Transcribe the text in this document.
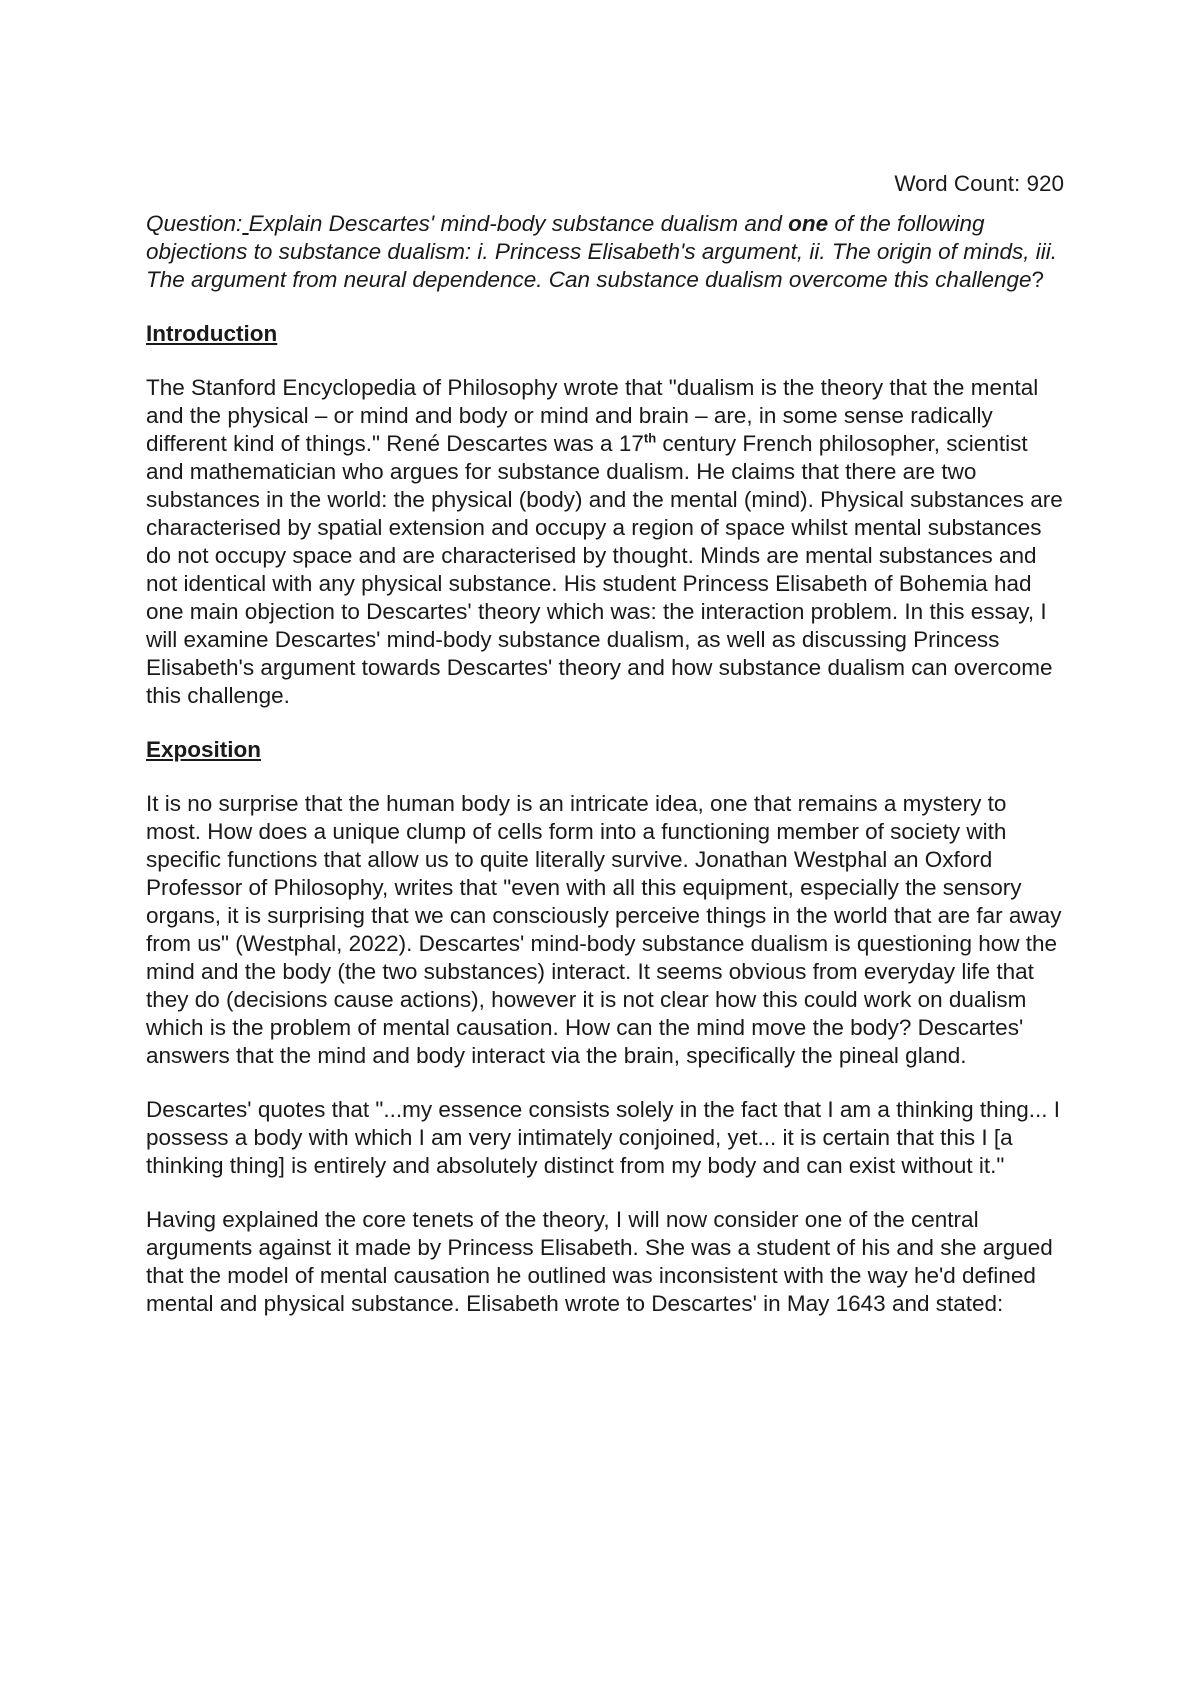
Word Count: 920

Question: Explain Descartes' mind-body substance dualism and one of the following objections to substance dualism: i. Princess Elisabeth's argument, ii. The origin of minds, iii. The argument from neural dependence. Can substance dualism overcome this challenge?

Introduction

The Stanford Encyclopedia of Philosophy wrote that "dualism is the theory that the mental and the physical – or mind and body or mind and brain – are, in some sense radically different kind of things." René Descartes was a 17th century French philosopher, scientist and mathematician who argues for substance dualism. He claims that there are two substances in the world: the physical (body) and the mental (mind). Physical substances are characterised by spatial extension and occupy a region of space whilst mental substances do not occupy space and are characterised by thought. Minds are mental substances and not identical with any physical substance. His student Princess Elisabeth of Bohemia had one main objection to Descartes' theory which was: the interaction problem. In this essay, I will examine Descartes' mind-body substance dualism, as well as discussing Princess Elisabeth's argument towards Descartes' theory and how substance dualism can overcome this challenge.

Exposition

It is no surprise that the human body is an intricate idea, one that remains a mystery to most. How does a unique clump of cells form into a functioning member of society with specific functions that allow us to quite literally survive. Jonathan Westphal an Oxford Professor of Philosophy, writes that "even with all this equipment, especially the sensory organs, it is surprising that we can consciously perceive things in the world that are far away from us" (Westphal, 2022). Descartes' mind-body substance dualism is questioning how the mind and the body (the two substances) interact. It seems obvious from everyday life that they do (decisions cause actions), however it is not clear how this could work on dualism which is the problem of mental causation. How can the mind move the body? Descartes' answers that the mind and body interact via the brain, specifically the pineal gland.

Descartes' quotes that "...my essence consists solely in the fact that I am a thinking thing... I possess a body with which I am very intimately conjoined, yet... it is certain that this I [a thinking thing] is entirely and absolutely distinct from my body and can exist without it."

Having explained the core tenets of the theory, I will now consider one of the central arguments against it made by Princess Elisabeth. She was a student of his and she argued that the model of mental causation he outlined was inconsistent with the way he'd defined mental and physical substance. Elisabeth wrote to Descartes' in May 1643 and stated:
